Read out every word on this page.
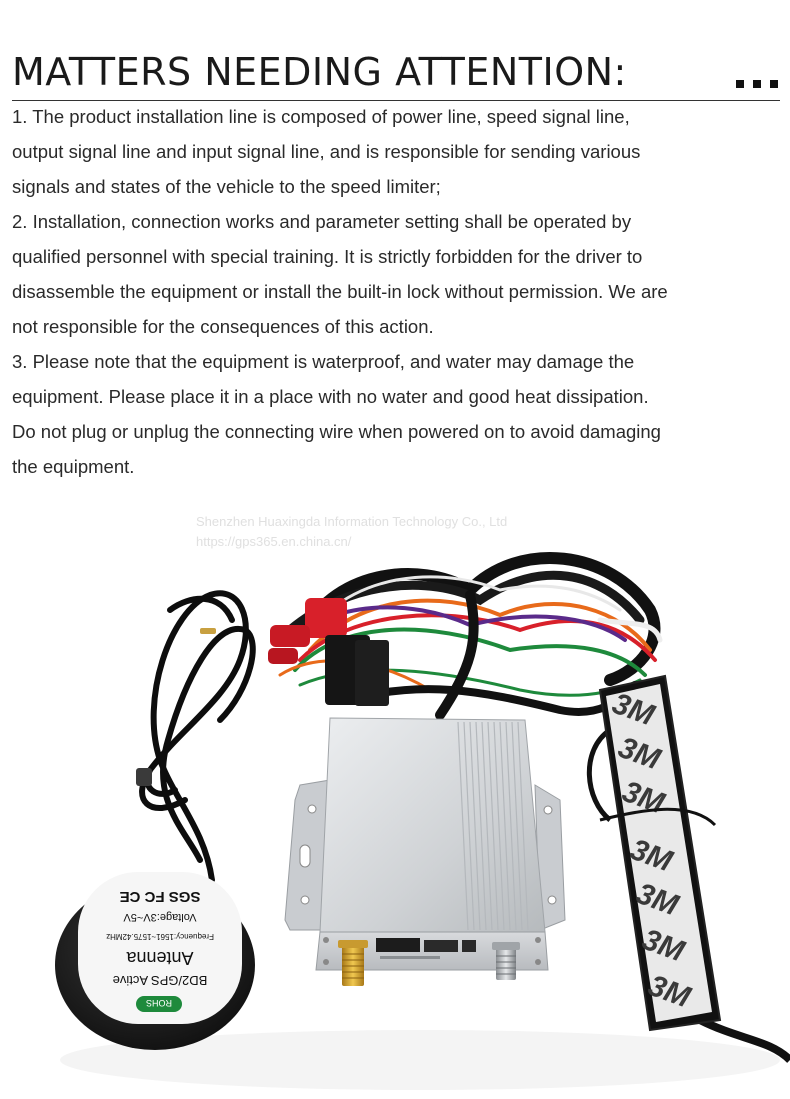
MATTERS NEEDING ATTENTION:

1. The product installation line is composed of power line, speed signal line,

output signal line and input signal line, and is responsible for sending various

signals and states of the vehicle to the speed limiter;

2. Installation, connection works and parameter setting shall be operated by

qualified personnel with special training. It is strictly forbidden for the driver to

disassemble the equipment or install the built-in lock without permission. We are

not responsible for the consequences of this action.

3. Please note that the equipment is waterproof, and water may damage the

equipment. Please place it in a place with no water and good heat dissipation.

Do not plug or unplug the connecting wire when powered on to avoid damaging

the equipment.

ROHS
BD2/GPS Active
Antenna
Frequency:1561~1575.42MHz
Voltage:3V~5V
SGS FC CE
3M
3M
3M
3M
3M
3M
3M
Shenzhen Huaxingda Information Technology Co., Ltd
https://gps365.en.china.cn/
